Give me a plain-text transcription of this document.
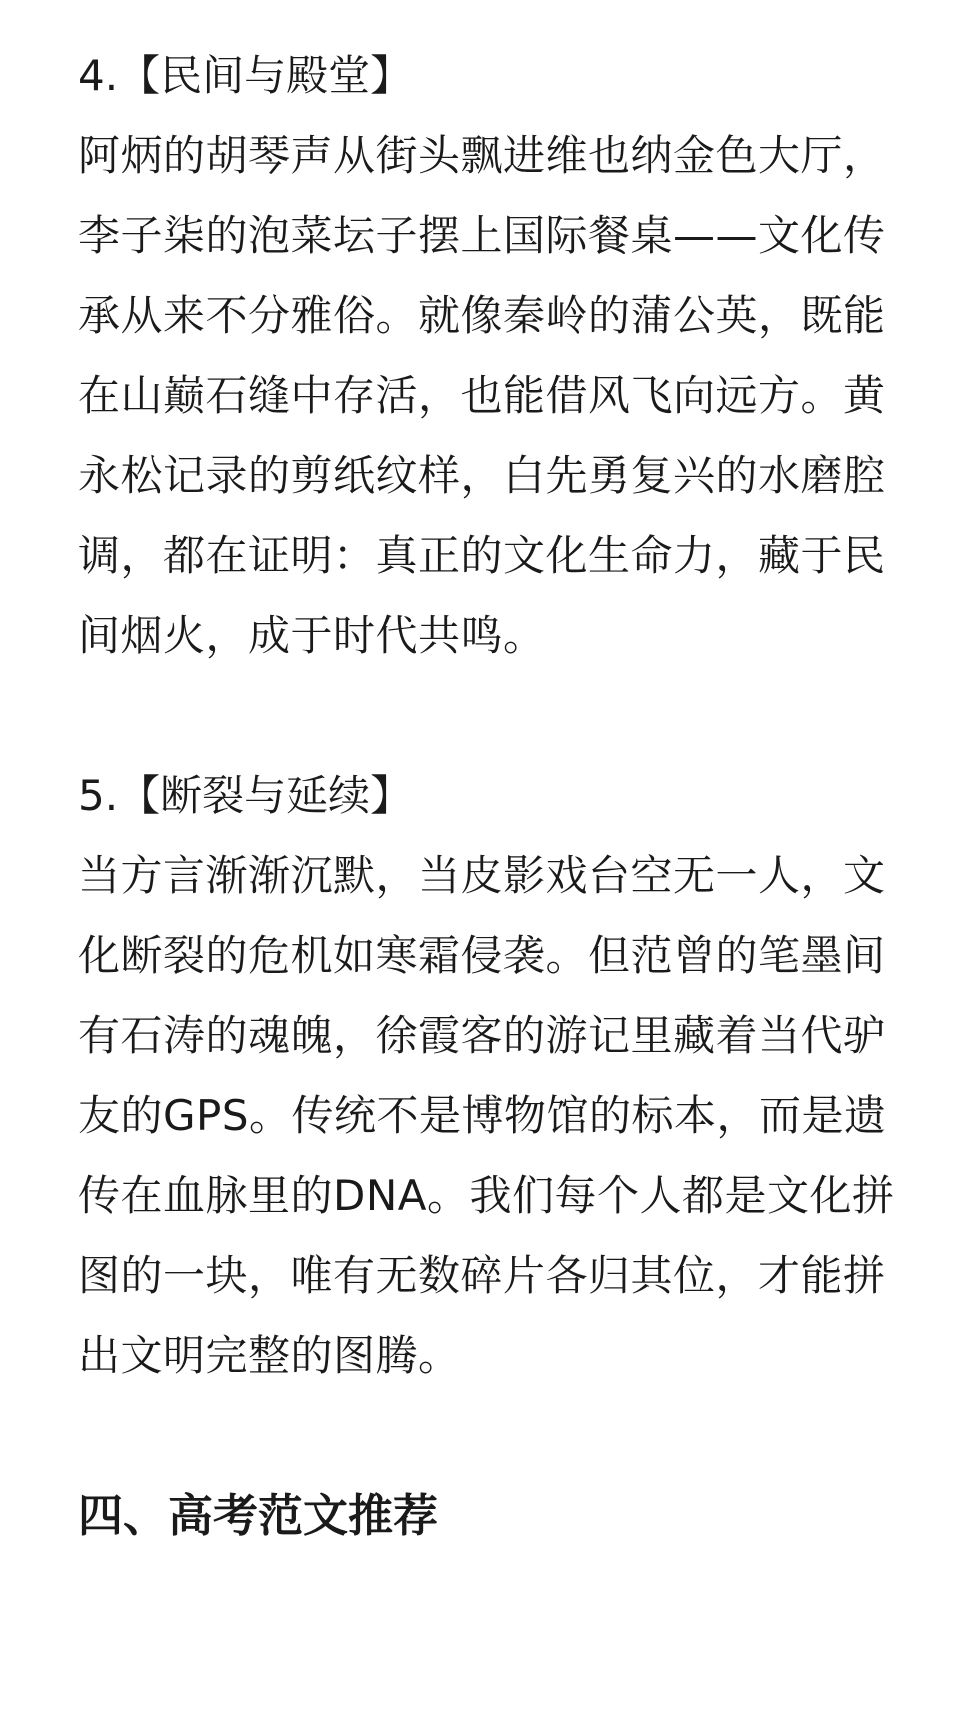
4.【民间与殿堂】

阿炳的胡琴声从街头飘进维也纳金色大厅，李子柒的泡菜坛子摆上国际餐桌——文化传承从来不分雅俗。就像秦岭的蒲公英，既能在山巅石缝中存活，也能借风飞向远方。黄永松记录的剪纸纹样，白先勇复兴的水磨腔调，都在证明：真正的文化生命力，藏于民间烟火，成于时代共鸣。

5.【断裂与延续】

当方言渐渐沉默，当皮影戏台空无一人，文化断裂的危机如寒霜侵袭。但范曾的笔墨间有石涛的魂魄，徐霞客的游记里藏着当代驴友的GPS。传统不是博物馆的标本，而是遗传在血脉里的DNA。我们每个人都是文化拼图的一块，唯有无数碎片各归其位，才能拼出文明完整的图腾。

四、高考范文推荐
